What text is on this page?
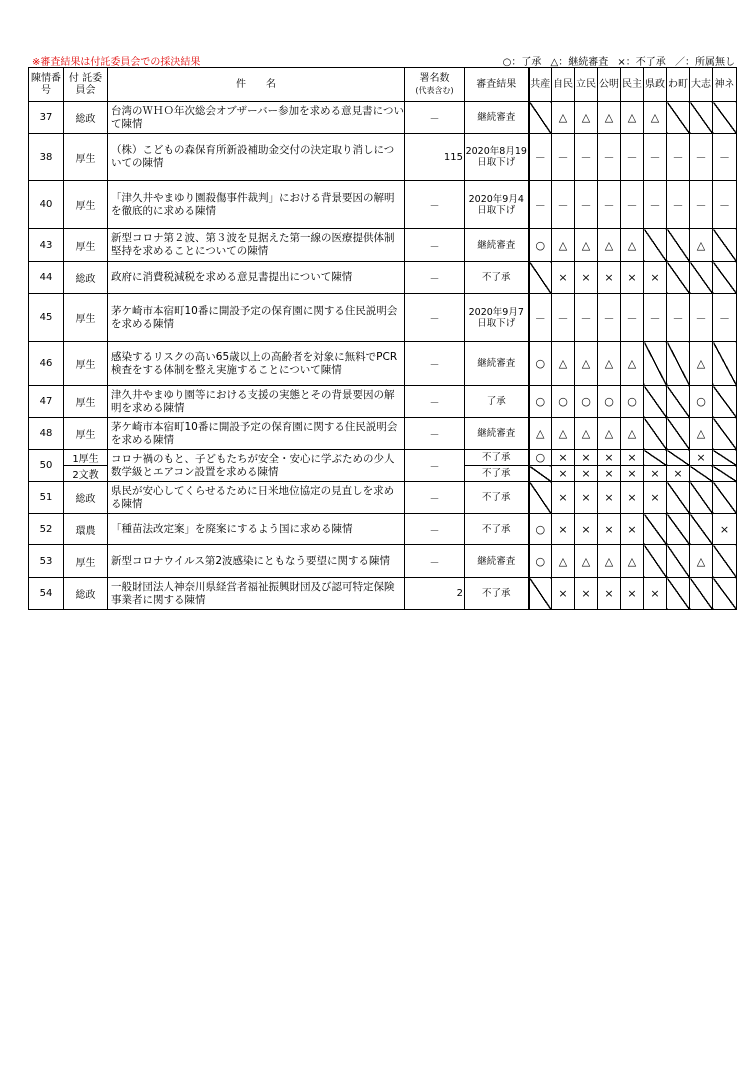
※審査結果は付託委員会での採決結果	○：了承 △：継続審査 ×：不了承 ／：所属無し
陳情番号	付 託委員会	件　　名	署名数
(代表含む)	審査結果	共産	自民	立民	公明	民主	県政	わ町	大志	神ネ
37	総政	台湾のＷＨＯ年次総会オブザーバー参加を求める意見書について陳情	－	継続審査		△	△	△	△	△			
38	厚生	（株）こどもの森保育所新設補助金交付の決定取り消しについての陳情	115	2020年8月19日取下げ	－	－	－	－	－	－	－	－	－
40	厚生	「津久井やまゆり園殺傷事件裁判」における背景要因の解明を徹底的に求める陳情	－	2020年9月4日取下げ	－	－	－	－	－	－	－	－	－
43	厚生	新型コロナ第２波、第３波を見据えた第一線の医療提供体制堅持を求めることについての陳情	－	継続審査	○	△	△	△	△			△	
44	総政	政府に消費税減税を求める意見書提出について陳情	－	不了承		×	×	×	×	×			
45	厚生	茅ケ崎市本宿町10番に開設予定の保育園に関する住民説明会を求める陳情	－	2020年9月7日取下げ	－	－	－	－	－	－	－	－	－
46	厚生	感染するリスクの高い65歳以上の高齢者を対象に無料でPCR検査をする体制を整え実施することについて陳情	－	継続審査	○	△	△	△	△			△	
47	厚生	津久井やまゆり園等における支援の実態とその背景要因の解明を求める陳情	－	了承	○	○	○	○	○			○	
48	厚生	茅ケ崎市本宿町10番に開設予定の保育園に関する住民説明会を求める陳情	－	継続審査	△	△	△	△	△			△	
50	1厚生	コロナ禍のもと、子どもたちが安全・安心に学ぶための少人数学級とエアコン設置を求める陳情	－	不了承	○	×	×	×	×			×	
	2文教			不了承		×	×	×	×	×	×		
51	総政	県民が安心してくらせるために日米地位協定の見直しを求める陳情	－	不了承		×	×	×	×	×			
52	環農	「種苗法改定案」を廃案にするよう国に求める陳情	－	不了承	○	×	×	×	×				×
53	厚生	新型コロナウイルス第2波感染にともなう要望に関する陳情	－	継続審査	○	△	△	△	△			△	
54	総政	一般財団法人神奈川県経営者福祉振興財団及び認可特定保険事業者に関する陳情	2	不了承		×	×	×	×	×			
